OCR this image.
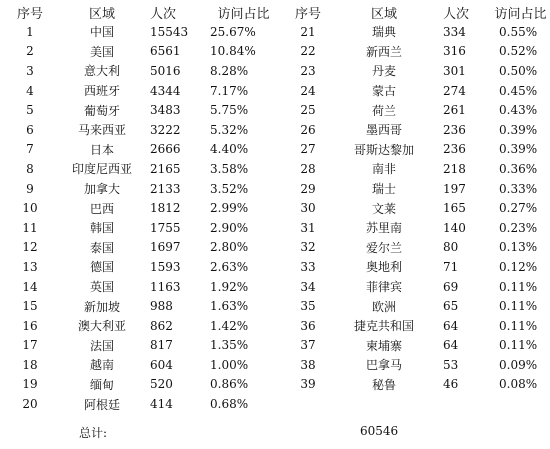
序号	区域	人次	访问占比	序号	区域	人次	访问占比
1	中国	15543	25.67%	21	瑞典	334	0.55%
2	美国	6561	10.84%	22	新西兰	316	0.52%
3	意大利	5016	8.28%	23	丹麦	301	0.50%
4	西班牙	4344	7.17%	24	蒙古	274	0.45%
5	葡萄牙	3483	5.75%	25	荷兰	261	0.43%
6	马来西亚	3222	5.32%	26	墨西哥	236	0.39%
7	日本	2666	4.40%	27	哥斯达黎加	236	0.39%
8	印度尼西亚	2165	3.58%	28	南非	218	0.36%
9	加拿大	2133	3.52%	29	瑞士	197	0.33%
10	巴西	1812	2.99%	30	文莱	165	0.27%
11	韩国	1755	2.90%	31	苏里南	140	0.23%
12	泰国	1697	2.80%	32	爱尔兰	80	0.13%
13	德国	1593	2.63%	33	奥地利	71	0.12%
14	英国	1163	1.92%	34	菲律宾	69	0.11%
15	新加坡	988	1.63%	35	欧洲	65	0.11%
16	澳大利亚	862	1.42%	36	捷克共和国	64	0.11%
17	法国	817	1.35%	37	柬埔寨	64	0.11%
18	越南	604	1.00%	38	巴拿马	53	0.09%
19	缅甸	520	0.86%	39	秘鲁	46	0.08%
20	阿根廷	414	0.68%				
总计:	60546
